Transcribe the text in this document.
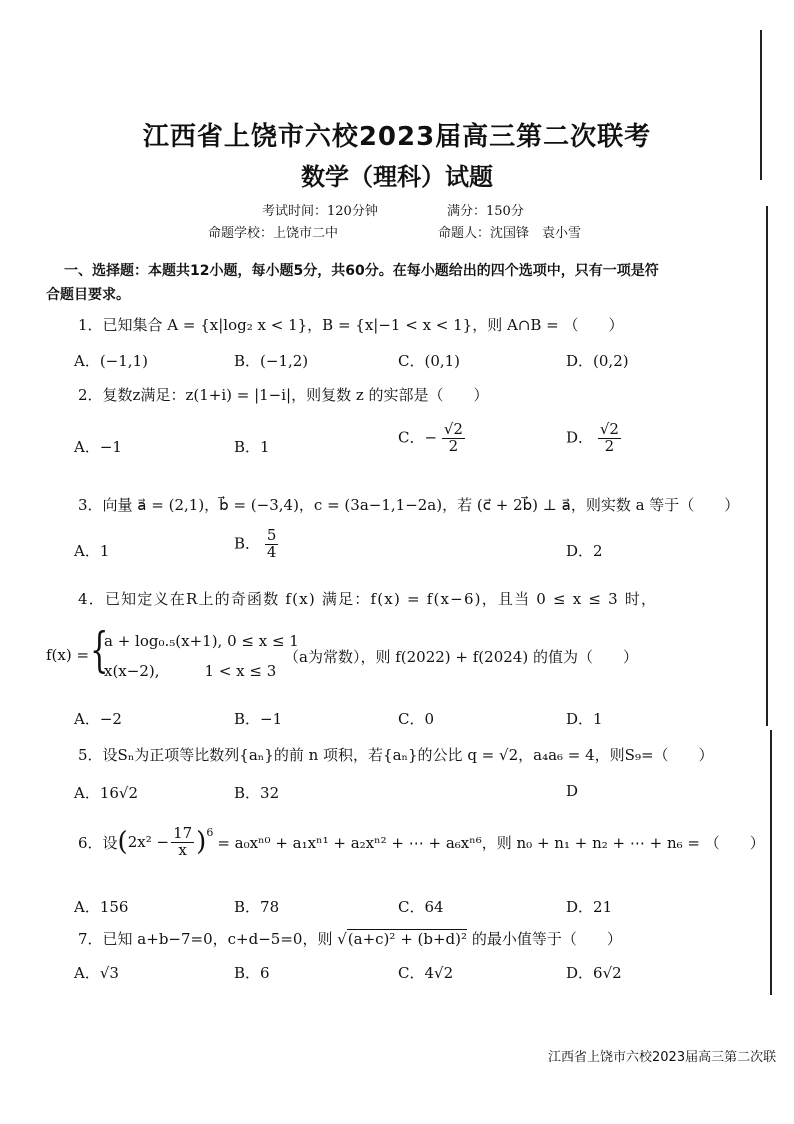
江西省上饶市六校2023届高三第二次联考
数学（理科）试题
考试时间：120分钟	满分：150分
命题学校：上饶市二中	命题人：沈国锋　袁小雪
一、选择题：本题共12小题，每小题5分，共60分。在每小题给出的四个选项中，只有一项是符
合题目要求。
1．已知集合 A = {x|log₂ x < 1}，B = {x|−1 < x < 1}，则 A∩B = （　　）
A．(−1,1)	B．(−1,2)	C．(0,1)	D．(0,2)
2．复数z满足：z(1+i) = |1−i|，则复数 z 的实部是（　　）
A．−1	B．1
C．− $\frac{√2}{2}$	D． $\frac{√2}{2}$
3．向量 a⃗ = (2,1)，b⃗ = (−3,4)，c = (3a−1,1−2a)，若 (c⃗ + 2b⃗) ⊥ a⃗，则实数 a 等于（　　）
A．1	B． $\frac{5}{4}$	D．2
4．已知定义在R上的奇函数 f(x) 满足：f(x) = f(x−6)，且当 0 ≤ x ≤ 3 时，
f(x) = {
a + log₀.₅(x+1), 0 ≤ x ≤ 1
x(x−2),　　　1 < x ≤ 3
（a为常数），则 f(2022) + f(2024) 的值为（　　）
A．−2	B．−1	C．0	D．1
5．设Sₙ为正项等比数列{aₙ}的前 n 项积，若{aₙ}的公比 q = √2，a₄a₆ = 4，则S₉=（　　）
A．16√2	B．32	D
6．设 ( $2x^2 - \frac{17}{x} )^6$
= a₀xⁿ⁰ + a₁xⁿ¹ + a₂xⁿ² + ⋯ + a₆xⁿ⁶，则 n₀ + n₁ + n₂ + ⋯ + n₆ = （　　）
A．156	B．78	C．64	D．21
7．已知 a+b−7=0，c+d−5=0，则 √(a+c)² + (b+d)² 的最小值等于（　　）
A．√3	B．6	C．4√2	D．6√2
江西省上饶市六校2023届高三第二次联
